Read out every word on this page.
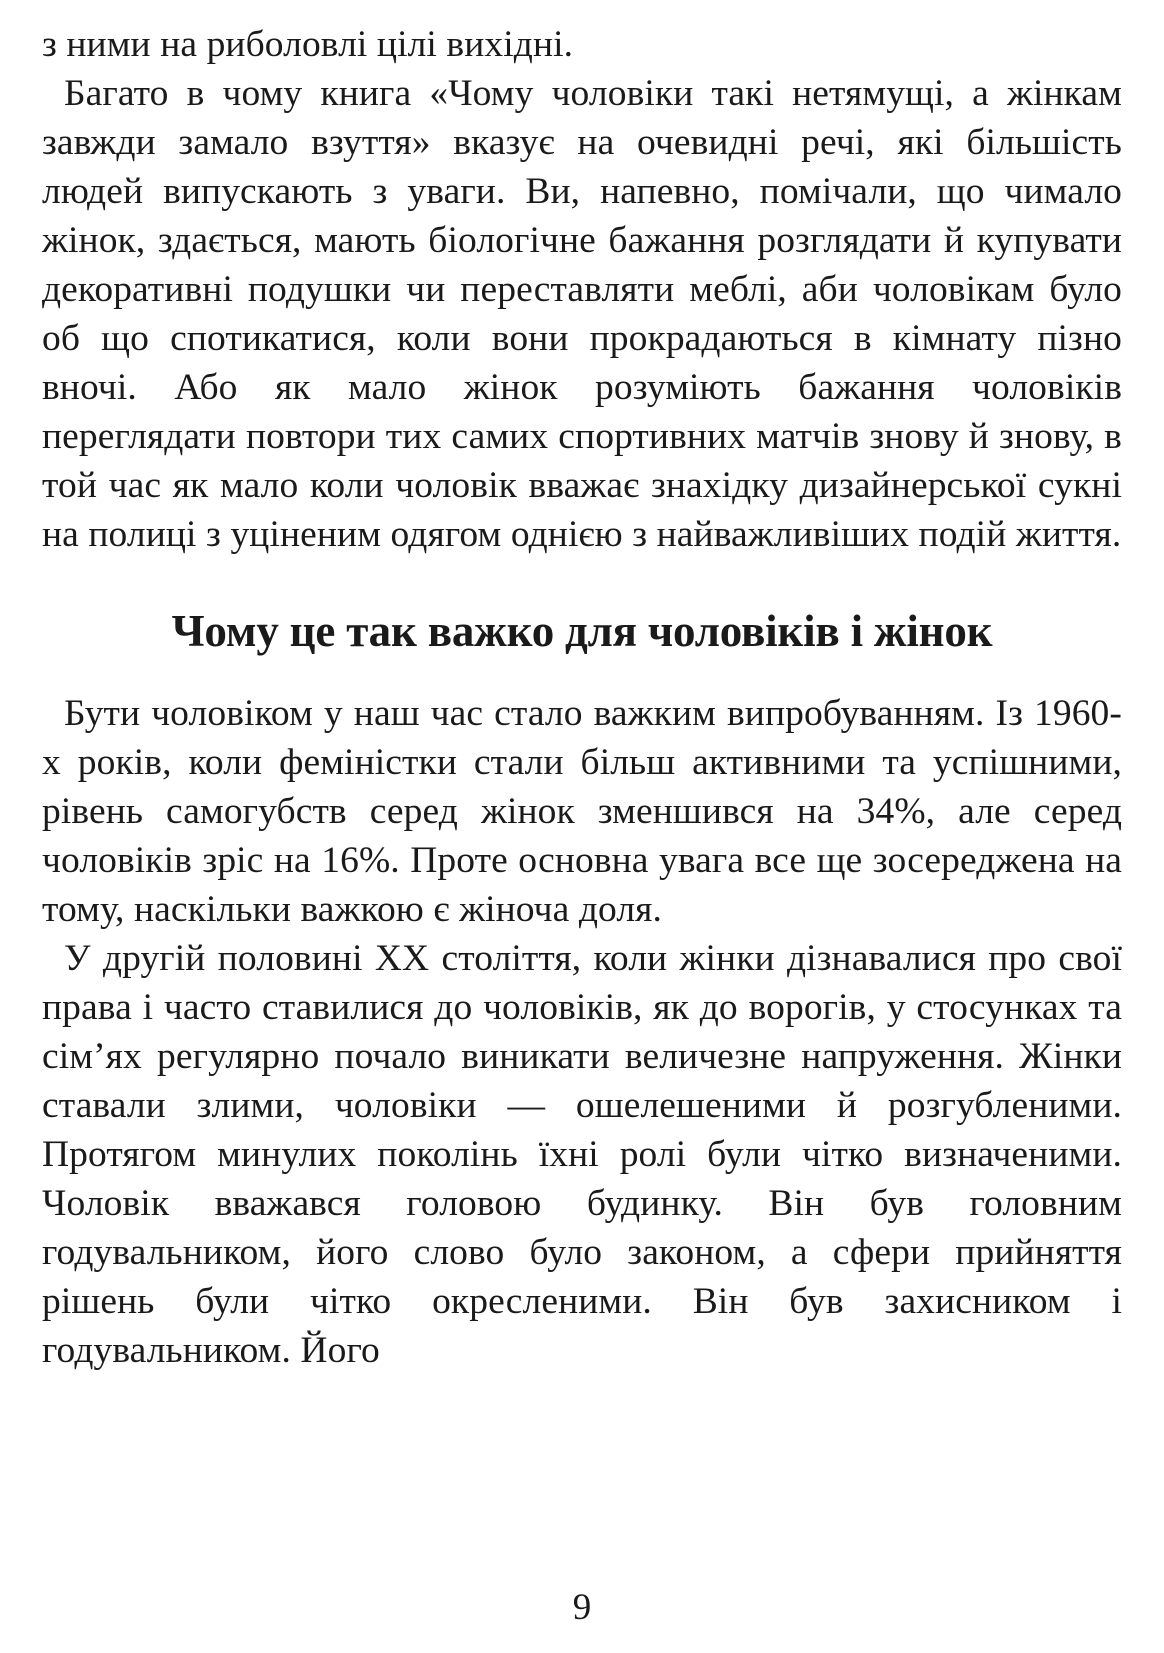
з ними на риболовлі цілі вихідні.

Багато в чому книга «Чому чоловіки такі нетямущі, а жінкам завжди замало взуття» вказує на очевидні речі, які більшість людей випускають з уваги. Ви, напевно, помічали, що чимало жінок, здається, мають біологічне бажання розглядати й купувати декоративні подушки чи переставляти меблі, аби чоловікам було об що спотикатися, коли вони прокрадаються в кімнату пізно вночі. Або як мало жінок розуміють бажання чоловіків переглядати повтори тих самих спортивних матчів знову й знову, в той час як мало коли чоловік вважає знахідку дизайнерської сукні на полиці з уціненим одягом однією з найважливіших подій життя.

Чому це так важко для чоловіків і жінок

Бути чоловіком у наш час стало важким випробуванням. Із 1960-х років, коли феміністки стали більш активними та успішними, рівень самогубств серед жінок зменшився на 34%, але серед чоловіків зріс на 16%. Проте основна увага все ще зосереджена на тому, наскільки важкою є жіноча доля.

У другій половині XX століття, коли жінки дізнавалися про свої права і часто ставилися до чоловіків, як до ворогів, у стосунках та сім’ях регулярно почало виникати величезне напруження. Жінки ставали злими, чоловіки — ошелешеними й розгубленими. Протягом минулих поколінь їхні ролі були чітко визначеними. Чоловік вважався головою будинку. Він був головним годувальником, його слово було законом, а сфери прийняття рішень були чітко окресленими. Він був захисником і годувальником. Його

9
